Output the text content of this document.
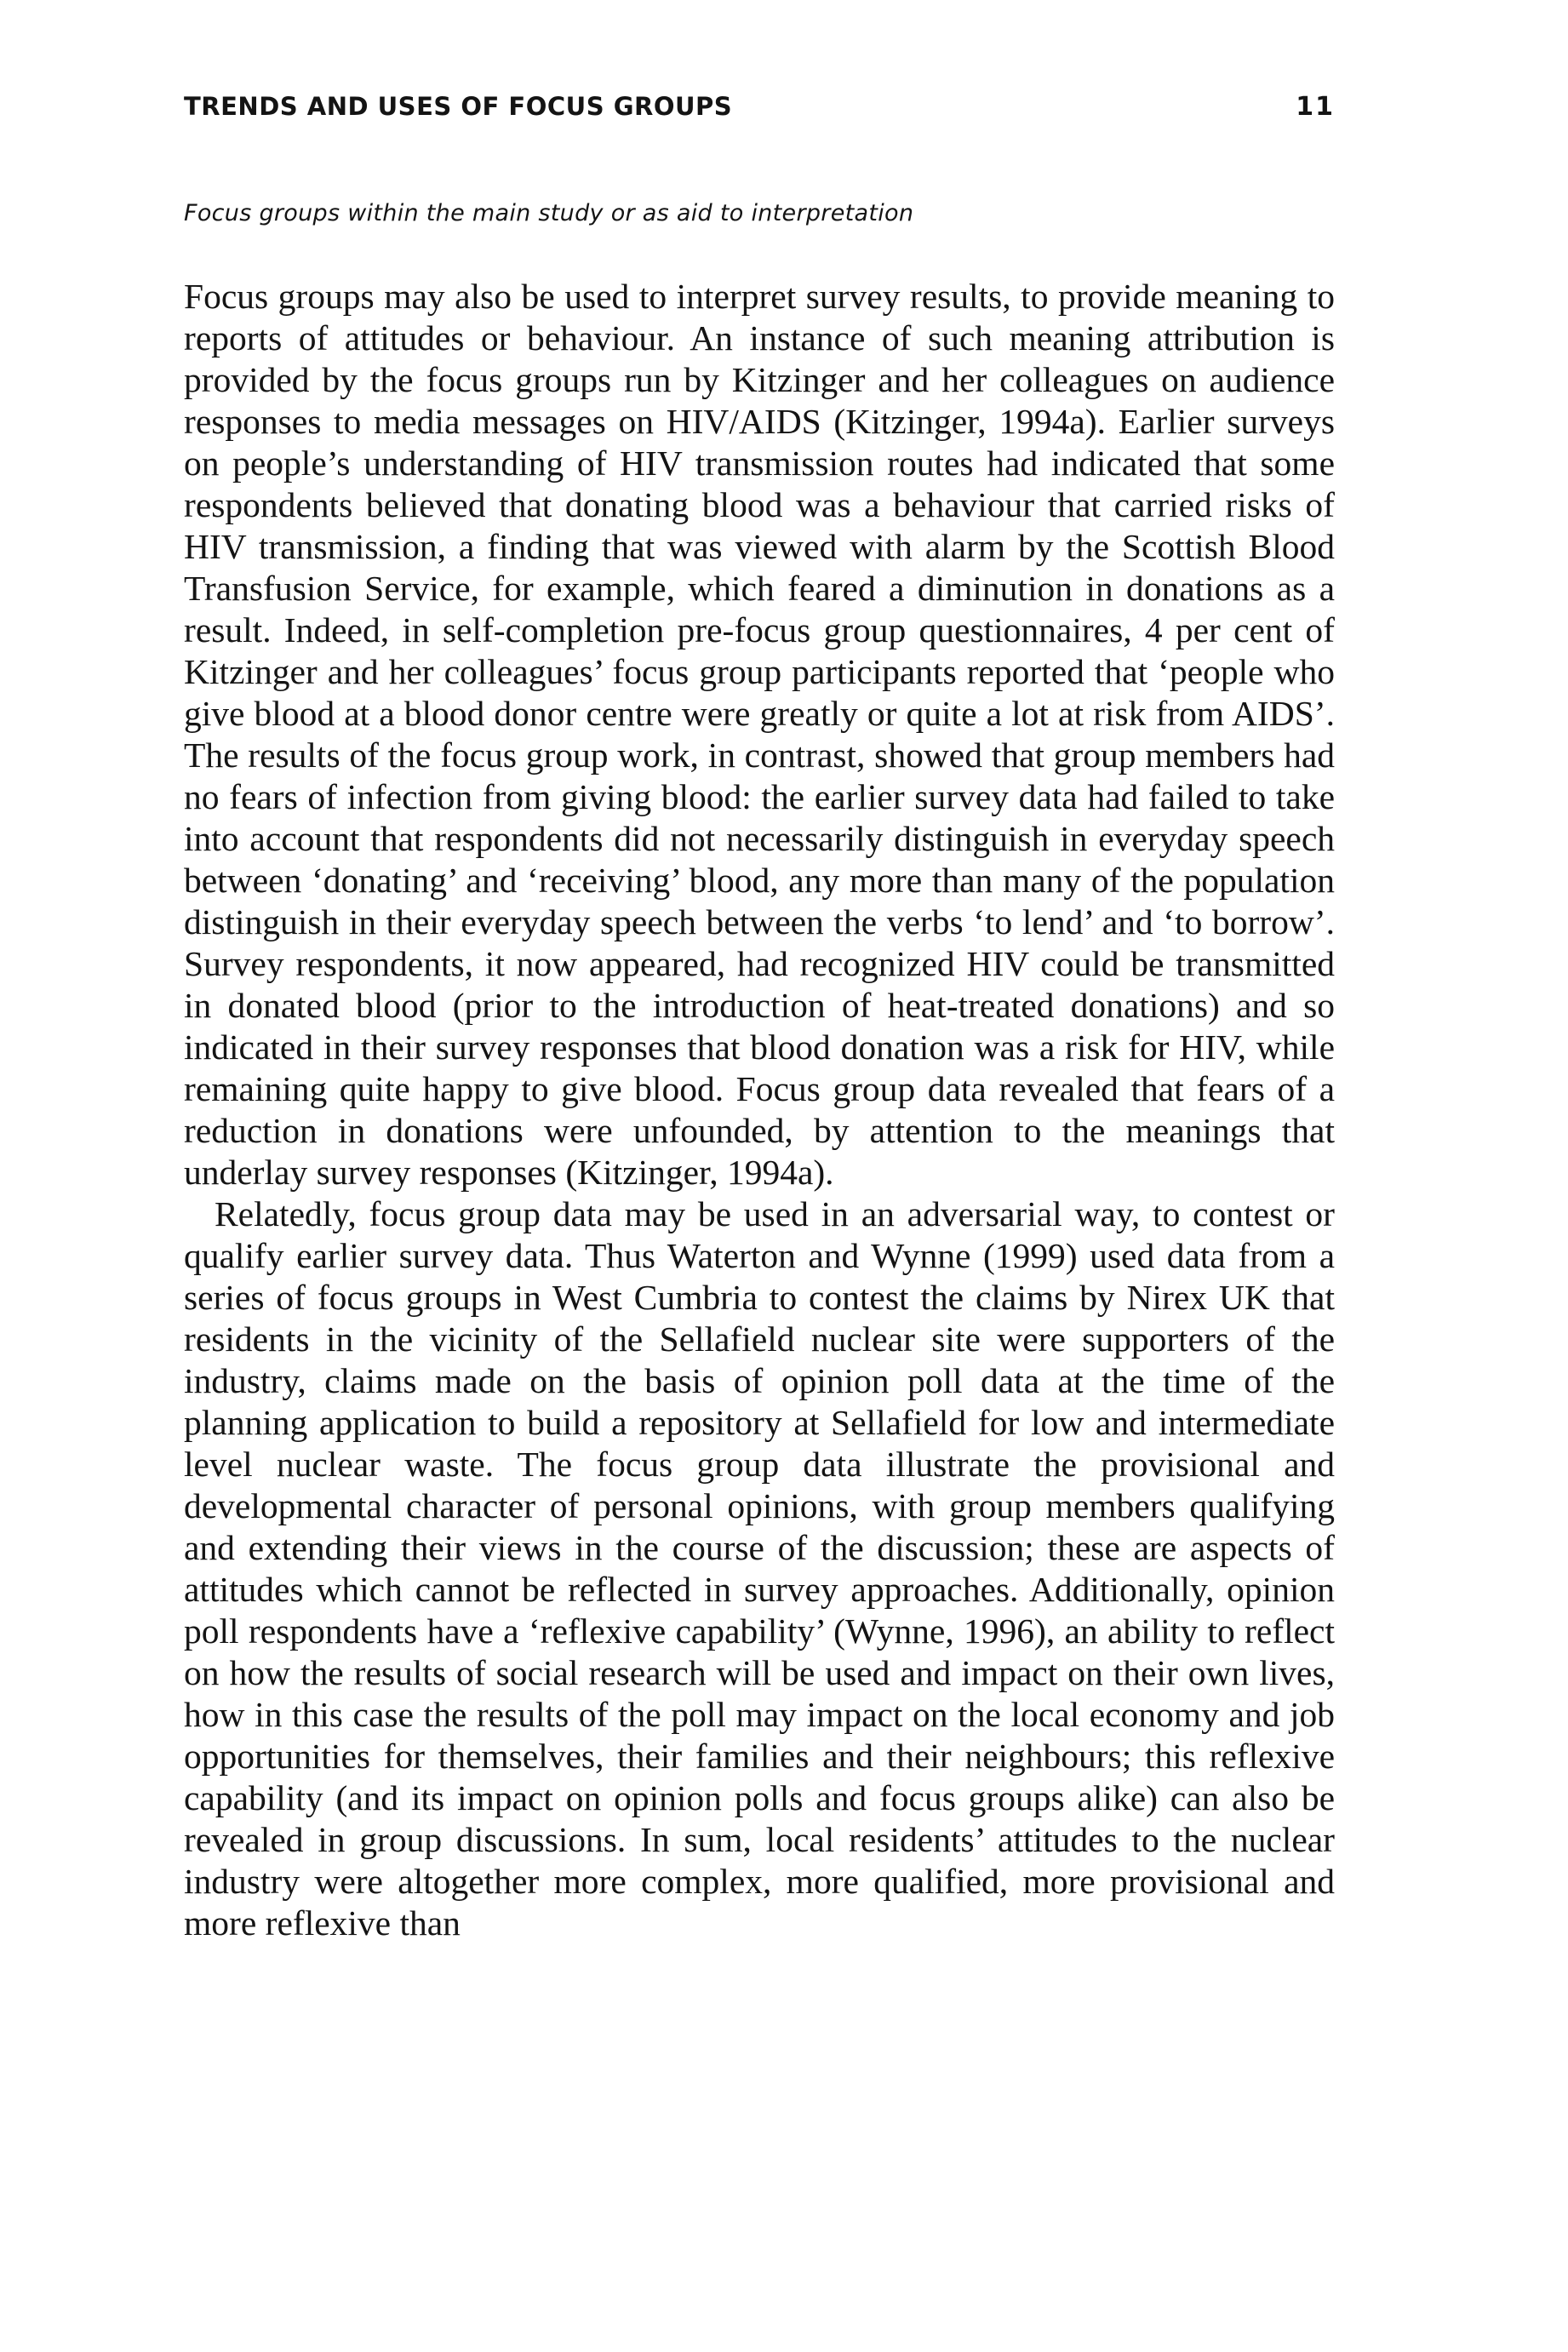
TRENDS AND USES OF FOCUS GROUPS	11
Focus groups within the main study or as aid to interpretation

Focus groups may also be used to interpret survey results, to provide meaning to reports of attitudes or behaviour. An instance of such meaning attribution is provided by the focus groups run by Kitzinger and her colleagues on audience responses to media messages on HIV/AIDS (Kitzinger, 1994a). Earlier surveys on people’s understanding of HIV transmission routes had indicated that some respondents believed that donating blood was a behaviour that carried risks of HIV transmission, a finding that was viewed with alarm by the Scottish Blood Transfusion Service, for example, which feared a diminution in donations as a result. Indeed, in self-completion pre-focus group questionnaires, 4 per cent of Kitzinger and her colleagues’ focus group participants reported that ‘people who give blood at a blood donor centre were greatly or quite a lot at risk from AIDS’. The results of the focus group work, in contrast, showed that group members had no fears of infection from giving blood: the earlier survey data had failed to take into account that respondents did not necessarily distinguish in everyday speech between ‘donating’ and ‘receiving’ blood, any more than many of the population distinguish in their everyday speech between the verbs ‘to lend’ and ‘to borrow’. Survey respondents, it now appeared, had recognized HIV could be transmitted in donated blood (prior to the introduction of heat-treated donations) and so indicated in their survey responses that blood donation was a risk for HIV, while remaining quite happy to give blood. Focus group data revealed that fears of a reduction in donations were unfounded, by attention to the meanings that underlay survey responses (Kitzinger, 1994a).

Relatedly, focus group data may be used in an adversarial way, to contest or qualify earlier survey data. Thus Waterton and Wynne (1999) used data from a series of focus groups in West Cumbria to contest the claims by Nirex UK that residents in the vicinity of the Sellafield nuclear site were supporters of the industry, claims made on the basis of opinion poll data at the time of the planning application to build a repository at Sellafield for low and intermediate level nuclear waste. The focus group data illustrate the provisional and developmental character of personal opinions, with group members qualifying and extending their views in the course of the discussion; these are aspects of attitudes which cannot be reflected in survey approaches. Additionally, opinion poll respondents have a ‘reflexive capability’ (Wynne, 1996), an ability to reflect on how the results of social research will be used and impact on their own lives, how in this case the results of the poll may impact on the local economy and job opportunities for themselves, their families and their neighbours; this reflexive capability (and its impact on opinion polls and focus groups alike) can also be revealed in group discussions. In sum, local residents’ attitudes to the nuclear industry were altogether more complex, more qualified, more provisional and more reflexive than
